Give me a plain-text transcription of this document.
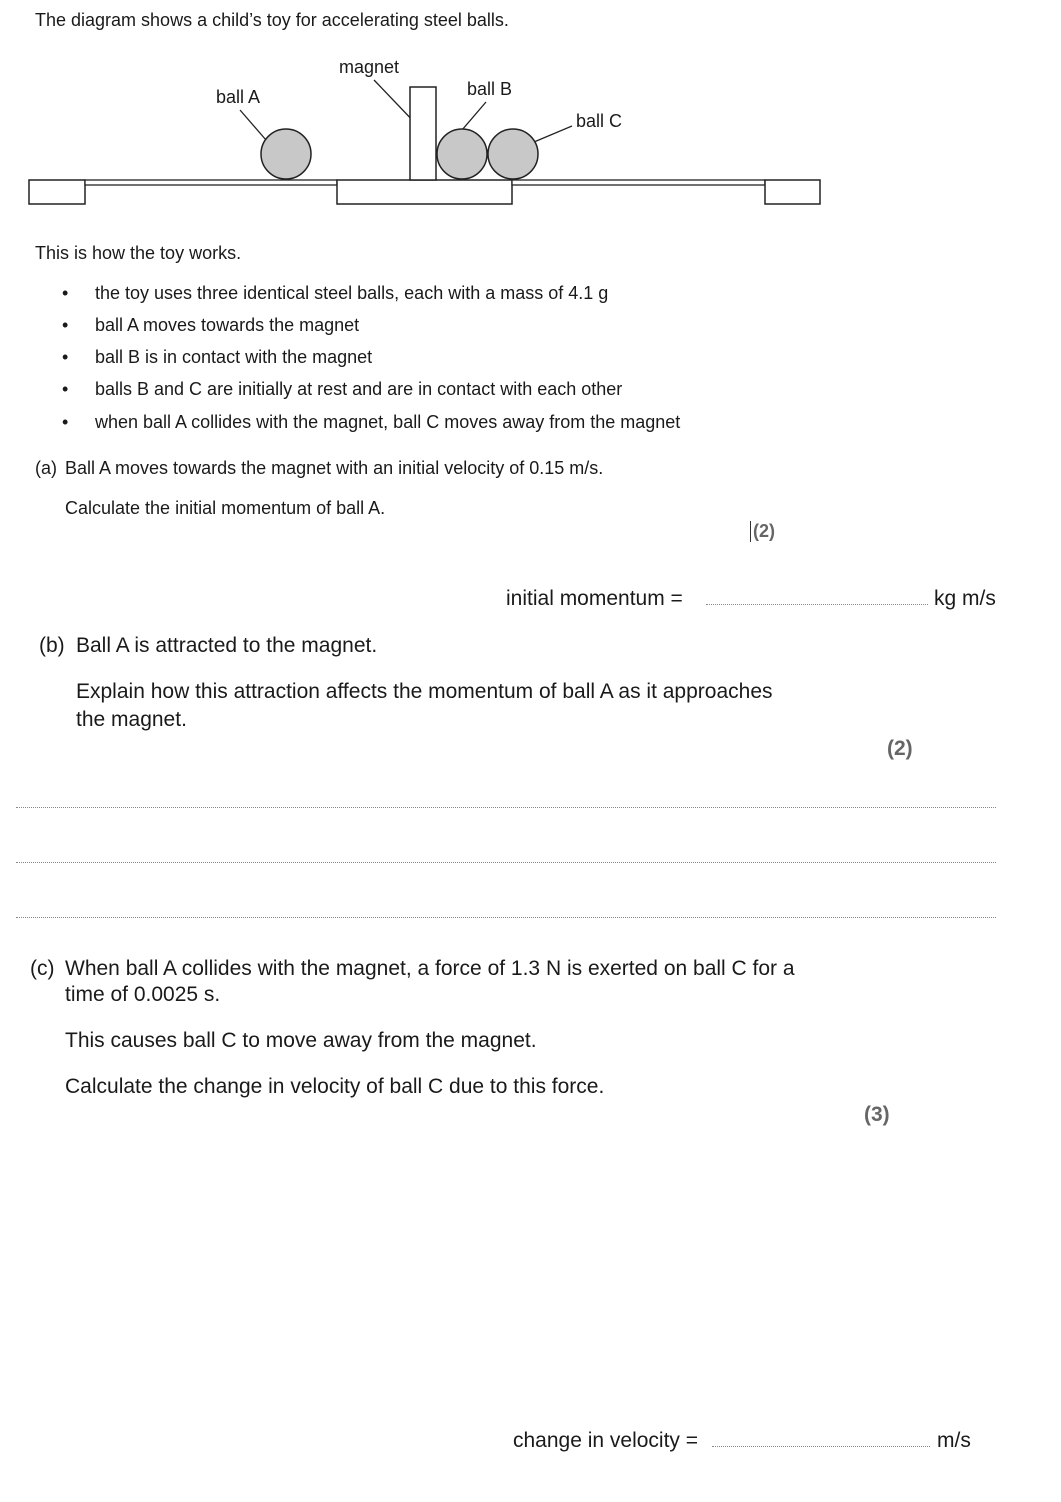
The diagram shows a child’s toy for accelerating steel balls.
magnet
ball A	ball B
ball C
This is how the toy works.
• the toy uses three identical steel balls, each with a mass of 4.1 g
• ball A moves towards the magnet
• ball B is in contact with the magnet
• balls B and C are initially at rest and are in contact with each other
• when ball A collides with the magnet, ball C moves away from the magnet
(a) Ball A moves towards the magnet with an initial velocity of 0.15 m/s.
Calculate the initial momentum of ball A.
(2)
initial momentum =	kg m/s
(b) Ball A is attracted to the magnet.
Explain how this attraction affects the momentum of ball A as it approaches
the magnet.
(2)
(c) When ball A collides with the magnet, a force of 1.3 N is exerted on ball C for a
time of 0.0025 s.
This causes ball C to move away from the magnet.
Calculate the change in velocity of ball C due to this force.
(3)
change in velocity =	m/s
